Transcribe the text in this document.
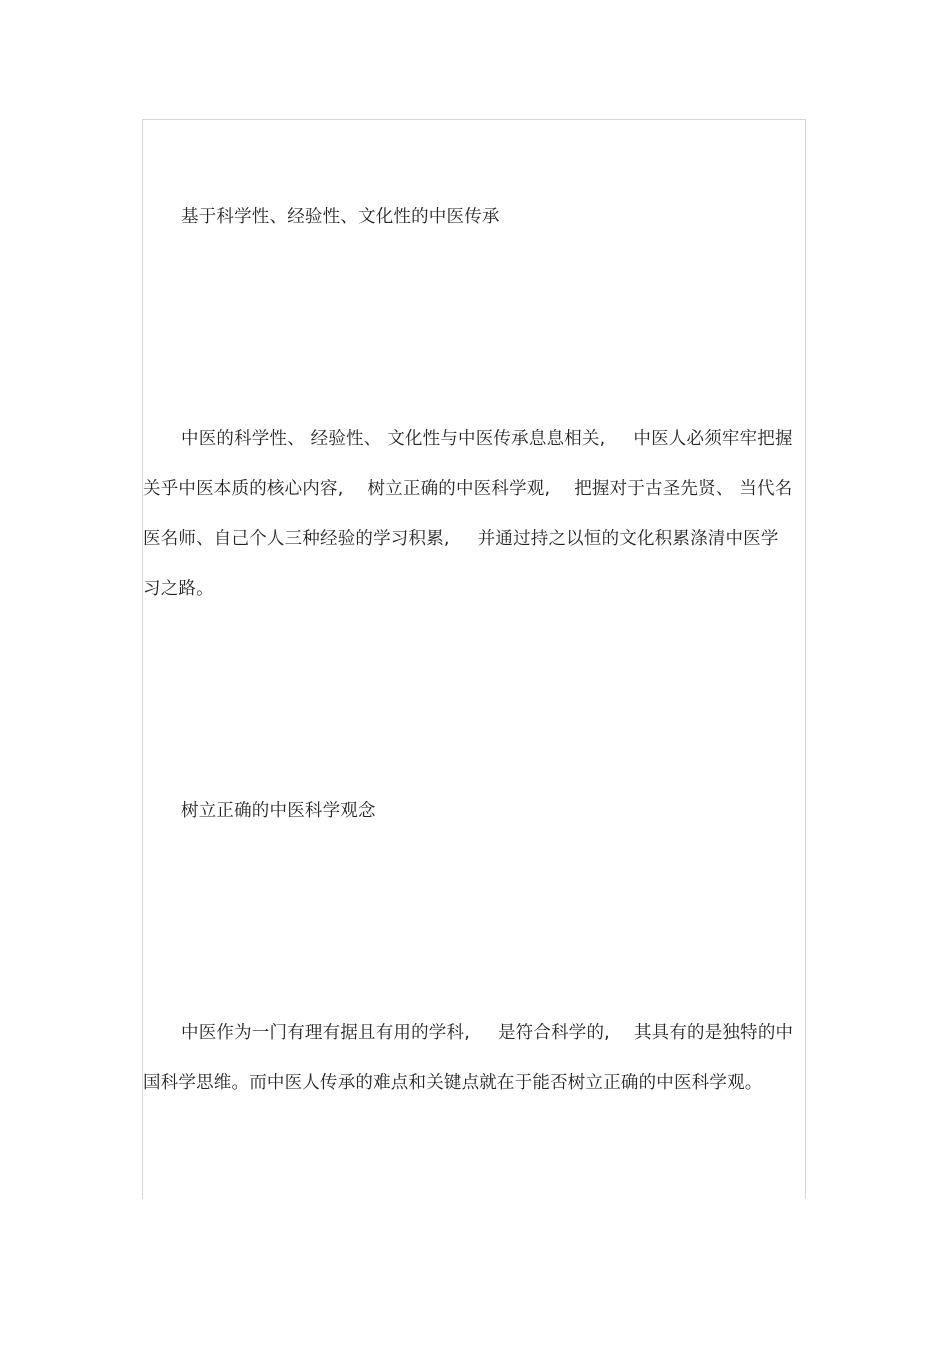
基于科学性、经验性、文化性的中医传承
中医的科学性、 经验性、 文化性与中医传承息息相关, 中医人必须牢牢把握
关乎中医本质的核心内容, 树立正确的中医科学观, 把握对于古圣先贤、 当代名
医名师、自己个人三种经验的学习积累, 并通过持之以恒的文化积累涤清中医学
习之路。
树立正确的中医科学观念
中医作为一门有理有据且有用的学科, 是符合科学的, 其具有的是独特的中
国科学思维。而中医人传承的难点和关键点就在于能否树立正确的中医科学观。
